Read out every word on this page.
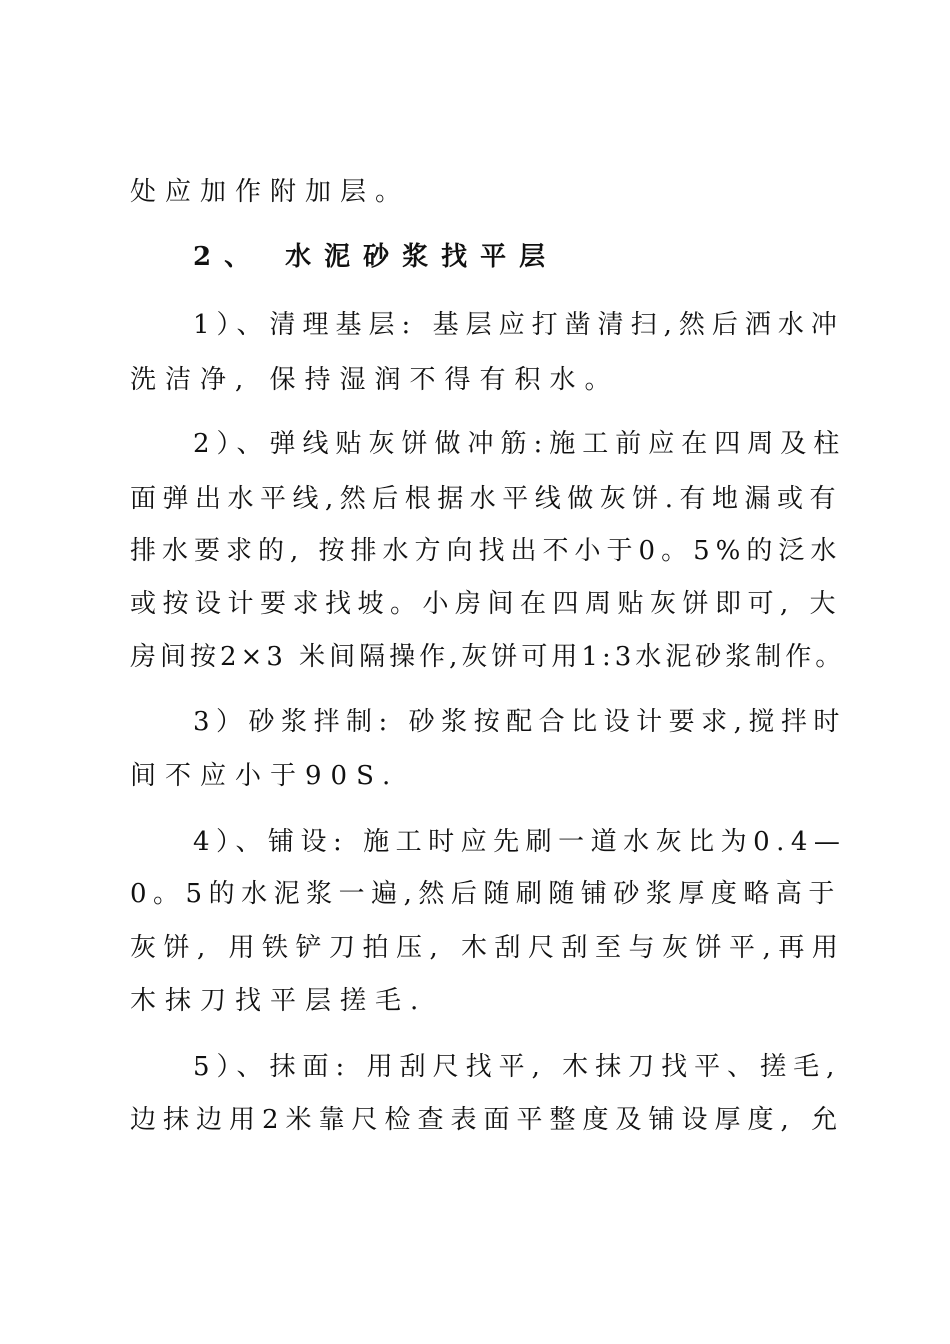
处应加作附加层。
2、 水泥砂浆找平层
1）、清理基层: 基层应打凿清扫,然后洒水冲
洗洁净, 保持湿润不得有积水。
2）、弹线贴灰饼做冲筋:施工前应在四周及柱
面弹出水平线,然后根据水平线做灰饼.有地漏或有
排水要求的, 按排水方向找出不小于0。5%的泛水
或按设计要求找坡。小房间在四周贴灰饼即可, 大
房间按2×3 米间隔操作,灰饼可用1:3水泥砂浆制作。
3）砂浆拌制: 砂浆按配合比设计要求,搅拌时
间不应小于90S.
4）、铺设: 施工时应先刷一道水灰比为0.4—
0。5的水泥浆一遍,然后随刷随铺砂浆厚度略高于
灰饼, 用铁铲刀拍压, 木刮尺刮至与灰饼平,再用
木抹刀找平层搓毛.
5）、抹面: 用刮尺找平, 木抹刀找平、搓毛,
边抹边用2米靠尺检查表面平整度及铺设厚度, 允
